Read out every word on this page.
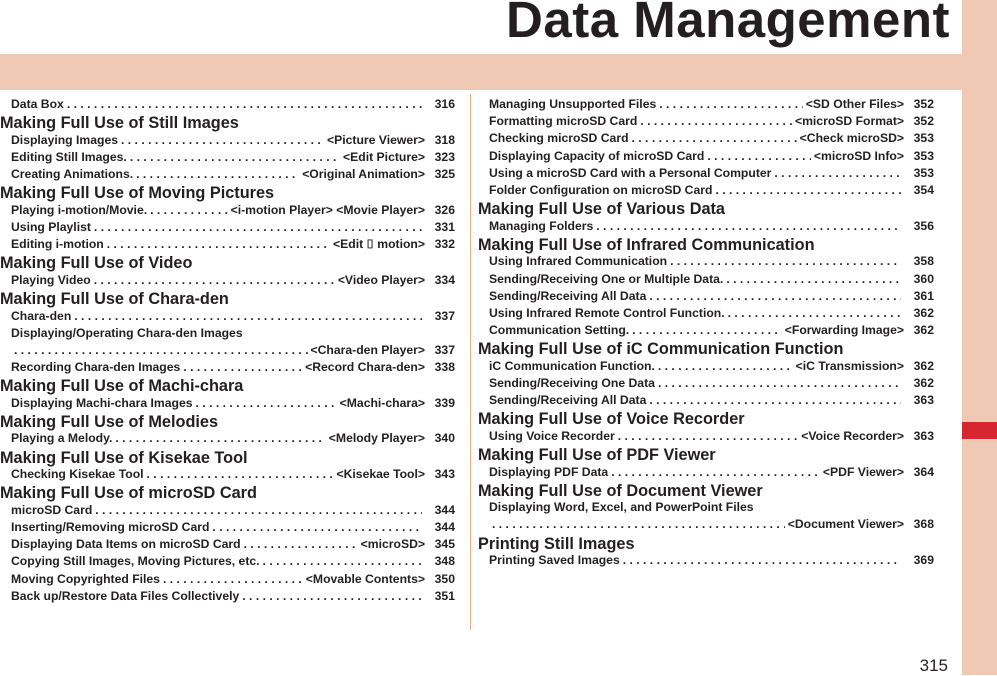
Data Management
Data Box . . .	316
Making Full Use of Still Images
Displaying Images . . .	<Picture Viewer> 318
Editing Still Images. . . .	<Edit Picture> 323
Creating Animations. . . .	<Original Animation> 325
Making Full Use of Moving Pictures
Playing i-motion/Movie. . . .	<i-motion Player> <Movie Player> 326
Using Playlist . . .	331
Editing i-motion . . .	<Edit ⌷ motion> 332
Making Full Use of Video
Playing Video . . .	<Video Player> 334
Making Full Use of Chara-den
Chara-den . . .	337
Displaying/Operating Chara-den Images
. . .
<Chara-den Player> 337
Recording Chara-den Images . . .	<Record Chara-den> 338
Making Full Use of Machi-chara
Displaying Machi-chara Images . . .	<Machi-chara> 339
Making Full Use of Melodies
Playing a Melody. . . .	<Melody Player> 340
Making Full Use of Kisekae Tool
Checking Kisekae Tool . . .	<Kisekae Tool> 343
Making Full Use of microSD Card
microSD Card . . .	344
Inserting/Removing microSD Card . . .	344
Displaying Data Items on microSD Card . . .	<microSD> 345
Copying Still Images, Moving Pictures, etc. . . .	348
Moving Copyrighted Files . . .	<Movable Contents> 350
Back up/Restore Data Files Collectively . . .	351
Managing Unsupported Files . . .	<SD Other Files> 352
Formatting microSD Card . . .	<microSD Format> 352
Checking microSD Card . . .	<Check microSD> 353
Displaying Capacity of microSD Card . . .	<microSD Info> 353
Using a microSD Card with a Personal Computer . . .	353
Folder Configuration on microSD Card . . .	354
Making Full Use of Various Data
Managing Folders . . .	356
Making Full Use of Infrared Communication
Using Infrared Communication . . .	358
Sending/Receiving One or Multiple Data. . . .	360
Sending/Receiving All Data . . .	361
Using Infrared Remote Control Function. . . .	362
Communication Setting. . . .	<Forwarding Image> 362
Making Full Use of iC Communication Function
iC Communication Function. . . .	<iC Transmission> 362
Sending/Receiving One Data . . .	362
Sending/Receiving All Data . . .	363
Making Full Use of Voice Recorder
Using Voice Recorder . . .	<Voice Recorder> 363
Making Full Use of PDF Viewer
Displaying PDF Data . . .	<PDF Viewer> 364
Making Full Use of Document Viewer
Displaying Word, Excel, and PowerPoint Files
. . .
<Document Viewer> 368
Printing Still Images
Printing Saved Images . . .	369
315
